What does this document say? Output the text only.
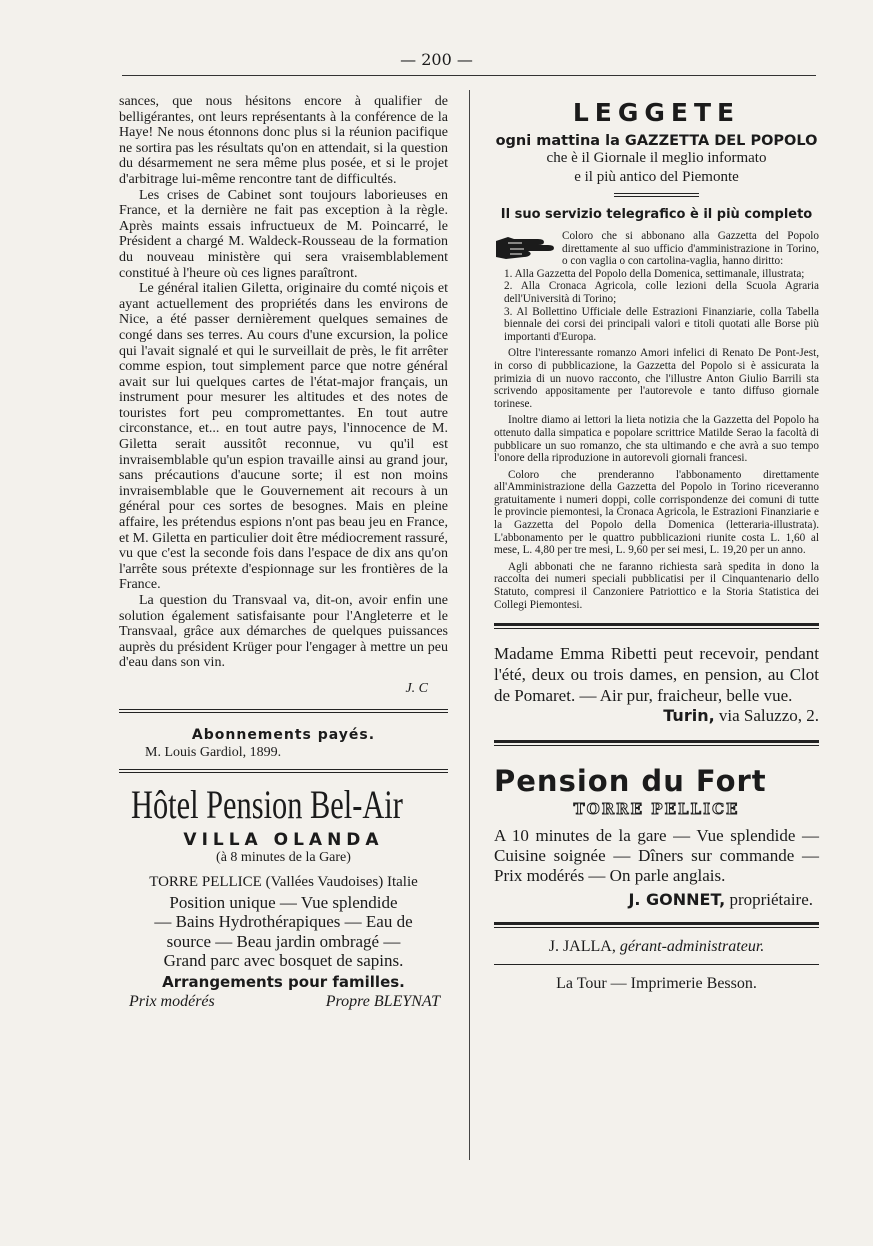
— 200 —

sances, que nous hésitons encore à qualifier de belligérantes, ont leurs représentants à la conférence de la Haye! Ne nous étonnons donc plus si la réunion pacifique ne sortira pas les résultats qu'on en attendait, si la question du désarmement ne sera même plus posée, et si le projet d'arbitrage lui-même rencontre tant de difficultés.

Les crises de Cabinet sont toujours laborieuses en France, et la dernière ne fait pas exception à la règle. Après maints essais infructueux de M. Poincarré, le Président a chargé M. Waldeck-Rousseau de la formation du nouveau ministère qui sera vraisemblablement constitué à l'heure où ces lignes paraîtront.

Le général italien Giletta, originaire du comté niçois et ayant actuellement des propriétés dans les environs de Nice, a été passer dernièrement quelques semaines de congé dans ses terres. Au cours d'une excursion, la police qui l'avait signalé et qui le surveillait de près, le fit arrêter comme espion, tout simplement parce que notre général avait sur lui quelques cartes de l'état-major français, un instrument pour mesurer les altitudes et des notes de touristes fort peu compromettantes. En tout autre circonstance, et... en tout autre pays, l'innocence de M. Giletta serait aussitôt reconnue, vu qu'il est invraisemblable qu'un espion travaille ainsi au grand jour, sans précautions d'aucune sorte; il est non moins invraisemblable que le Gouvernement ait recours à un général pour ces sortes de besognes. Mais en pleine affaire, les prétendus espions n'ont pas beau jeu en France, et M. Giletta en particulier doit être médiocrement rassuré, vu que c'est la seconde fois dans l'espace de dix ans qu'on l'arrête sous prétexte d'espionnage sur les frontières de la France.

La question du Transvaal va, dit-on, avoir enfin une solution également satisfaisante pour l'Angleterre et le Transvaal, grâce aux démarches de quelques puissances auprès du président Krüger pour l'engager à mettre un peu d'eau dans son vin.

J. C
Abonnements payés.
M. Louis Gardiol, 1899.
Hôtel Pension Bel-Air
VILLA OLANDA
(à 8 minutes de la Gare)
TORRE PELLICE (Vallées Vaudoises) Italie
Position unique — Vue splendide
— Bains Hydrothérapiques — Eau de
source — Beau jardin ombragé —
Grand parc avec bosquet de sapins.
Arrangements pour familles.
Prix modérés	Propre BLEYNAT
LEGGETE
ogni mattina la GAZZETTA DEL POPOLO
che è il Giornale il meglio informato
e il più antico del Piemonte
Il suo servizio telegrafico è il più completo

Coloro che si abbonano alla Gazzetta del Popolo direttamente al suo ufficio d'amministrazione in Torino, o con vaglia o con cartolina-vaglia, hanno diritto:

1. Alla Gazzetta del Popolo della Domenica, settimanale, illustrata;

2. Alla Cronaca Agricola, colle lezioni della Scuola Agraria dell'Università di Torino;

3. Al Bollettino Ufficiale delle Estrazioni Finanziarie, colla Tabella biennale dei corsi dei principali valori e titoli quotati alle Borse più importanti d'Europa.

Oltre l'interessante romanzo Amori infelici di Renato De Pont-Jest, in corso di pubblicazione, la Gazzetta del Popolo si è assicurata la primizia di un nuovo racconto, che l'illustre Anton Giulio Barrili sta scrivendo appositamente per l'autorevole e tanto diffuso giornale torinese.

Inoltre diamo ai lettori la lieta notizia che la Gazzetta del Popolo ha ottenuto dalla simpatica e popolare scrittrice Matilde Serao la facoltà di pubblicare un suo romanzo, che sta ultimando e che avrà a suo tempo l'onore della riproduzione in autorevoli giornali francesi.

Coloro che prenderanno l'abbonamento direttamente all'Amministrazione della Gazzetta del Popolo in Torino riceveranno gratuitamente i numeri doppi, colle corrispondenze dei comuni di tutte le provincie piemontesi, la Cronaca Agricola, le Estrazioni Finanziarie e la Gazzetta del Popolo della Domenica (letteraria-illustrata). L'abbonamento per le quattro pubblicazioni riunite costa L. 1,60 al mese, L. 4,80 per tre mesi, L. 9,60 per sei mesi, L. 19,20 per un anno.

Agli abbonati che ne faranno richiesta sarà spedita in dono la raccolta dei numeri speciali pubblicatisi per il Cinquantenario dello Statuto, compresi il Canzoniere Patriottico e la Storia Statistica dei Collegi Piemontesi.

Madame Emma Ribetti peut recevoir, pendant l'été, deux ou trois dames, en pension, au Clot de Pomaret. — Air pur, fraicheur, belle vue.

Turin, via Saluzzo, 2.

Pension du Fort
TORRE PELLICE

A 10 minutes de la gare — Vue splendide — Cuisine soignée — Dîners sur commande — Prix modérés — On parle anglais.

J. GONNET, propriétaire.

J. JALLA, gérant-administrateur.

La Tour — Imprimerie Besson.
